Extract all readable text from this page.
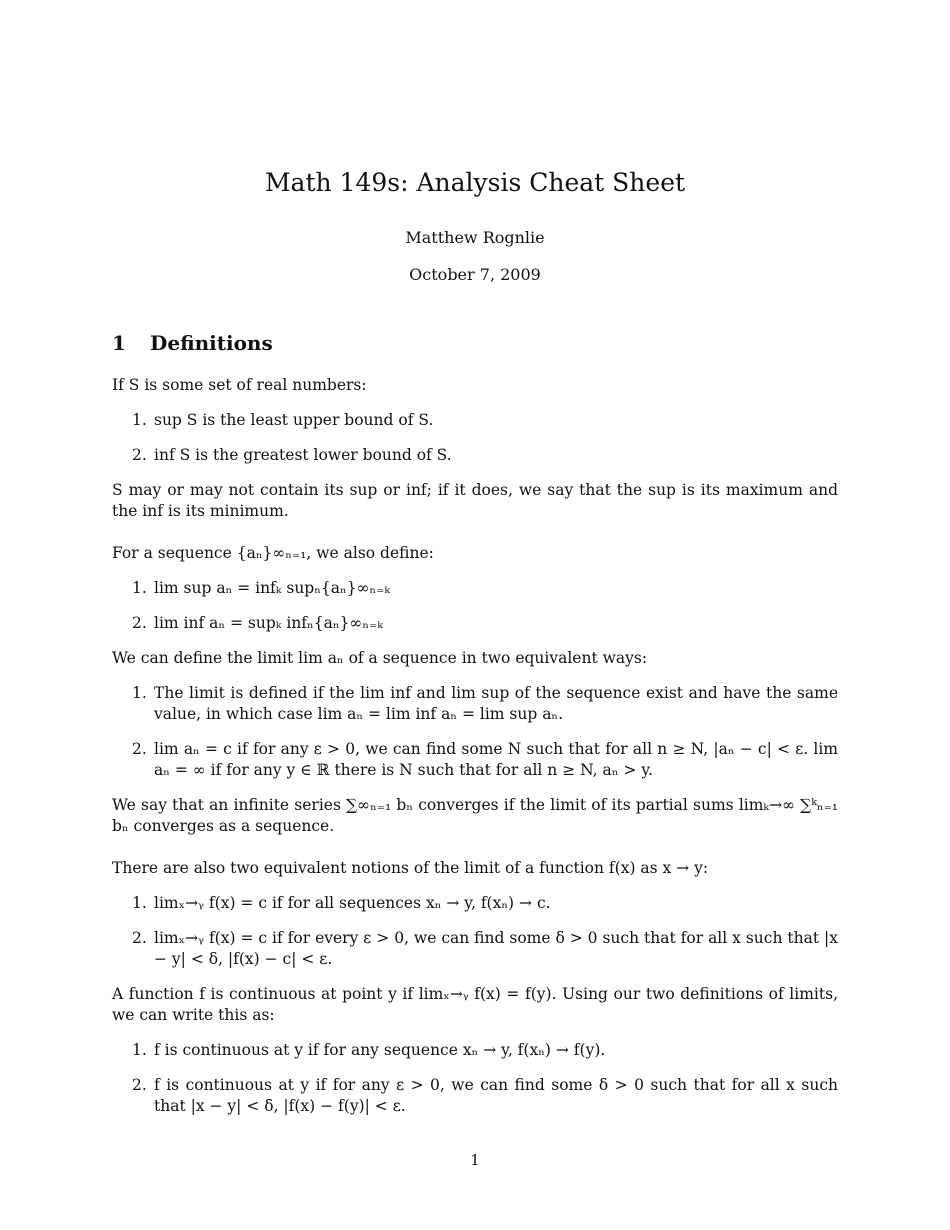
Math 149s: Analysis Cheat Sheet
Matthew Rognlie
October 7, 2009
1 Definitions

If S is some set of real numbers:

1. sup S is the least upper bound of S.
2. inf S is the greatest lower bound of S.

S may or may not contain its sup or inf; if it does, we say that the sup is its maximum and the inf is its minimum.

For a sequence {aₙ}∞ₙ₌₁, we also define:

1. lim sup aₙ = infₖ supₙ{aₙ}∞ₙ₌ₖ
2. lim inf aₙ = supₖ infₙ{aₙ}∞ₙ₌ₖ

We can define the limit lim aₙ of a sequence in two equivalent ways:

1. The limit is defined if the lim inf and lim sup of the sequence exist and have the same value, in which case lim aₙ = lim inf aₙ = lim sup aₙ.
2. lim aₙ = c if for any ε > 0, we can find some N such that for all n ≥ N, |aₙ − c| < ε. lim aₙ = ∞ if for any y ∈ ℝ there is N such that for all n ≥ N, aₙ > y.

We say that an infinite series ∑∞ₙ₌₁ bₙ converges if the limit of its partial sums limₖ→∞ ∑ᵏₙ₌₁ bₙ converges as a sequence.

There are also two equivalent notions of the limit of a function f(x) as x → y:

1. limₓ→ᵧ f(x) = c if for all sequences xₙ → y, f(xₙ) → c.
2. limₓ→ᵧ f(x) = c if for every ε > 0, we can find some δ > 0 such that for all x such that |x − y| < δ, |f(x) − c| < ε.

A function f is continuous at point y if limₓ→ᵧ f(x) = f(y). Using our two definitions of limits, we can write this as:

1. f is continuous at y if for any sequence xₙ → y, f(xₙ) → f(y).
2. f is continuous at y if for any ε > 0, we can find some δ > 0 such that for all x such that |x − y| < δ, |f(x) − f(y)| < ε.
1
